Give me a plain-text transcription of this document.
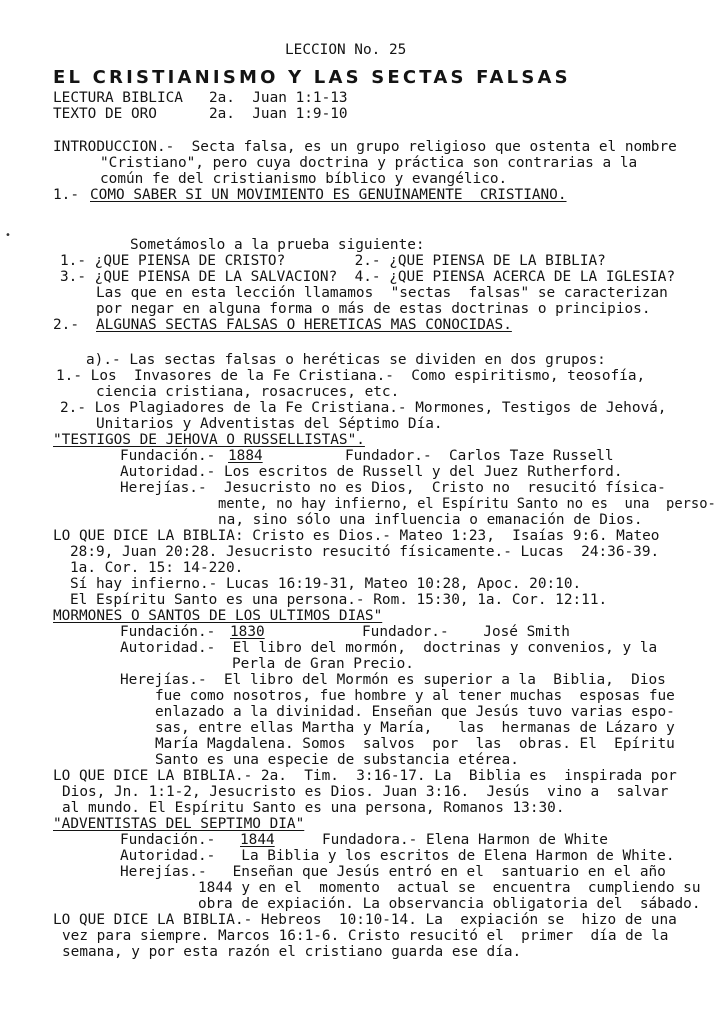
LECCION No. 25
EL CRISTIANISMO Y LAS SECTAS FALSAS
LECTURA BIBLICA   2a.  Juan 1:1-13
TEXTO DE ORO      2a.  Juan 1:9-10
INTRODUCCION.-  Secta falsa, es un grupo religioso que ostenta el nombre
"Cristiano", pero cuya doctrina y práctica son contrarias a la
común fe del cristianismo bíblico y evangélico.
1.- COMO SABER SI UN MOVIMIENTO ES GENUINAMENTE  CRISTIANO.
•
Sometámoslo a la prueba siguiente:
1.- ¿QUE PIENSA DE CRISTO?        2.- ¿QUE PIENSA DE LA BIBLIA?
3.- ¿QUE PIENSA DE LA SALVACION?  4.- ¿QUE PIENSA ACERCA DE LA IGLESIA?
Las que en esta lección llamamos  "sectas  falsas" se caracterizan
por negar en alguna forma o más de estas doctrinas o principios.
2.- ALGUNAS SECTAS FALSAS O HERETICAS MAS CONOCIDAS.
a).- Las sectas falsas o heréticas se dividen en dos grupos:
1.- Los  Invasores de la Fe Cristiana.-  Como espiritismo, teosofía,
ciencia cristiana, rosacruces, etc.
2.- Los Plagiadores de la Fe Cristiana.- Mormones, Testigos de Jehová,
Unitarios y Adventistas del Séptimo Día.
"TESTIGOS DE JEHOVA O RUSSELLISTAS".
Fundación.- 1884	Fundador.-  Carlos Taze Russell
Autoridad.- Los escritos de Russell y del Juez Rutherford.
Herejías.-  Jesucristo no es Dios,  Cristo no  resucitó física-
mente, no hay infierno, el Espíritu Santo no es  una  perso-
na, sino sólo una influencia o emanación de Dios.
LO QUE DICE LA BIBLIA: Cristo es Dios.- Mateo 1:23,  Isaías 9:6. Mateo
28:9, Juan 20:28. Jesucristo resucitó físicamente.- Lucas  24:36-39.
1a. Cor. 15: 14-220.
Sí hay infierno.- Lucas 16:19-31, Mateo 10:28, Apoc. 20:10.
El Espíritu Santo es una persona.- Rom. 15:30, 1a. Cor. 12:11.
MORMONES O SANTOS DE LOS ULTIMOS DIAS"
Fundación.- 1830	Fundador.-    José Smith
Autoridad.-  El libro del mormón,  doctrinas y convenios, y la
Perla de Gran Precio.
Herejías.-  El libro del Mormón es superior a la  Biblia,  Dios
fue como nosotros, fue hombre y al tener muchas  esposas fue
enlazado a la divinidad. Enseñan que Jesús tuvo varias espo-
sas, entre ellas Martha y María,   las  hermanas de Lázaro y
María Magdalena. Somos  salvos  por  las  obras. El  Epíritu
Santo es una especie de substancia etérea.
LO QUE DICE LA BIBLIA.- 2a.  Tim.  3:16-17. La  Biblia es  inspirada por
Dios, Jn. 1:1-2, Jesucristo es Dios. Juan 3:16.  Jesús  vino a  salvar
al mundo. El Espíritu Santo es una persona, Romanos 13:30.
"ADVENTISTAS DEL SEPTIMO DIA"
Fundación.- 1844	Fundadora.- Elena Harmon de White
Autoridad.-   La Biblia y los escritos de Elena Harmon de White.
Herejías.-   Enseñan que Jesús entró en el  santuario en el año
1844 y en el  momento  actual se  encuentra  cumpliendo su
obra de expiación. La observancia obligatoria del  sábado.
LO QUE DICE LA BIBLIA.- Hebreos  10:10-14. La  expiación se  hizo de una
vez para siempre. Marcos 16:1-6. Cristo resucitó el  primer  día de la
semana, y por esta razón el cristiano guarda ese día.
